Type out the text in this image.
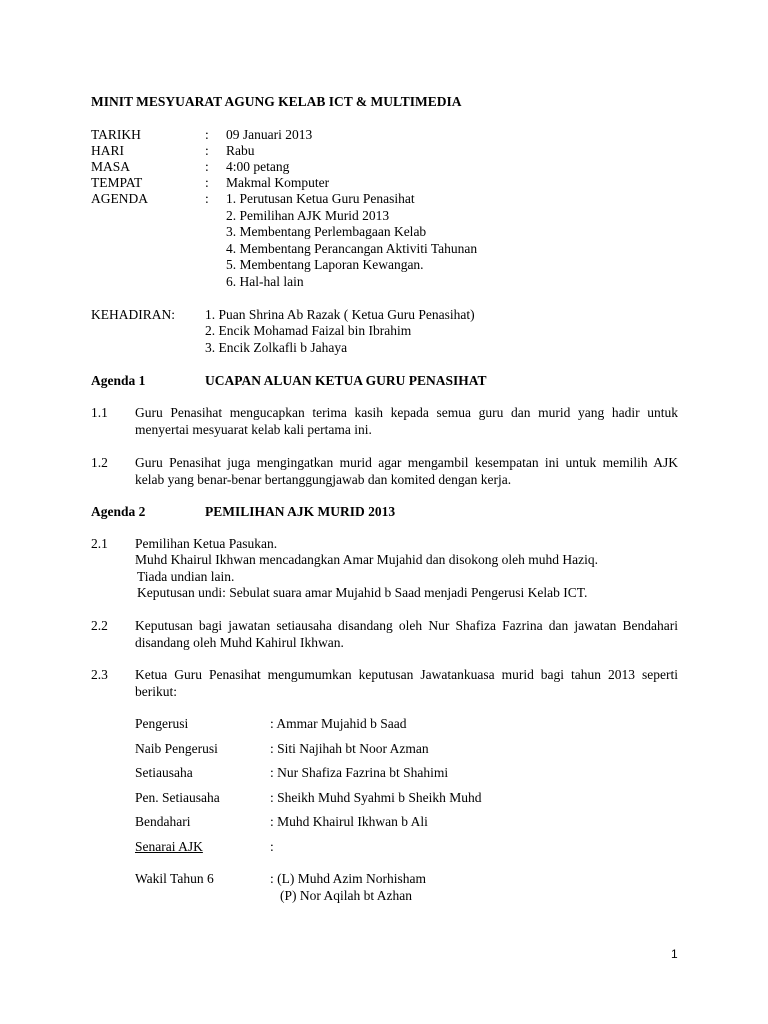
MINIT MESYUARAT AGUNG KELAB ICT & MULTIMEDIA
TARIKH	: 09 Januari 2013
HARI	: Rabu
MASA	: 4:00 petang
TEMPAT	: Makmal Komputer
AGENDA	: 1. Perutusan Ketua Guru Penasihat
2. Pemilihan AJK Murid 2013
3. Membentang Perlembagaan Kelab
4. Membentang Perancangan Aktiviti Tahunan
5. Membentang Laporan Kewangan.
6. Hal-hal lain
KEHADIRAN: 1. Puan Shrina Ab Razak ( Ketua Guru Penasihat)
2. Encik Mohamad Faizal bin Ibrahim
3. Encik Zolkafli b Jahaya
Agenda 1	UCAPAN ALUAN KETUA GURU PENASIHAT
1.1 Guru Penasihat mengucapkan terima kasih kepada semua guru dan murid yang hadir untuk
menyertai mesyuarat kelab kali pertama ini.
1.2 Guru Penasihat juga mengingatkan murid agar mengambil kesempatan ini untuk memilih AJK
kelab yang benar-benar bertanggungjawab dan komited dengan kerja.
Agenda 2	PEMILIHAN AJK MURID 2013
2.1 Pemilihan Ketua Pasukan.
Muhd Khairul Ikhwan mencadangkan Amar Mujahid dan disokong oleh muhd Haziq.
Tiada undian lain.
Keputusan undi: Sebulat suara amar Mujahid b Saad menjadi Pengerusi Kelab ICT.
2.2 Keputusan bagi jawatan setiausaha disandang oleh Nur Shafiza Fazrina dan jawatan Bendahari
disandang oleh Muhd Kahirul Ikhwan.
2.3 Ketua Guru Penasihat mengumumkan keputusan Jawatankuasa murid bagi tahun 2013 seperti
berikut:
Pengerusi	: Ammar Mujahid b Saad
Naib Pengerusi	: Siti Najihah bt Noor Azman
Setiausaha	: Nur Shafiza Fazrina bt Shahimi
Pen. Setiausaha	: Sheikh Muhd Syahmi b Sheikh Muhd
Bendahari	: Muhd Khairul Ikhwan b Ali
Senarai AJK	:
Wakil Tahun 6	: (L) Muhd Azim Norhisham
(P) Nor Aqilah bt Azhan
1
